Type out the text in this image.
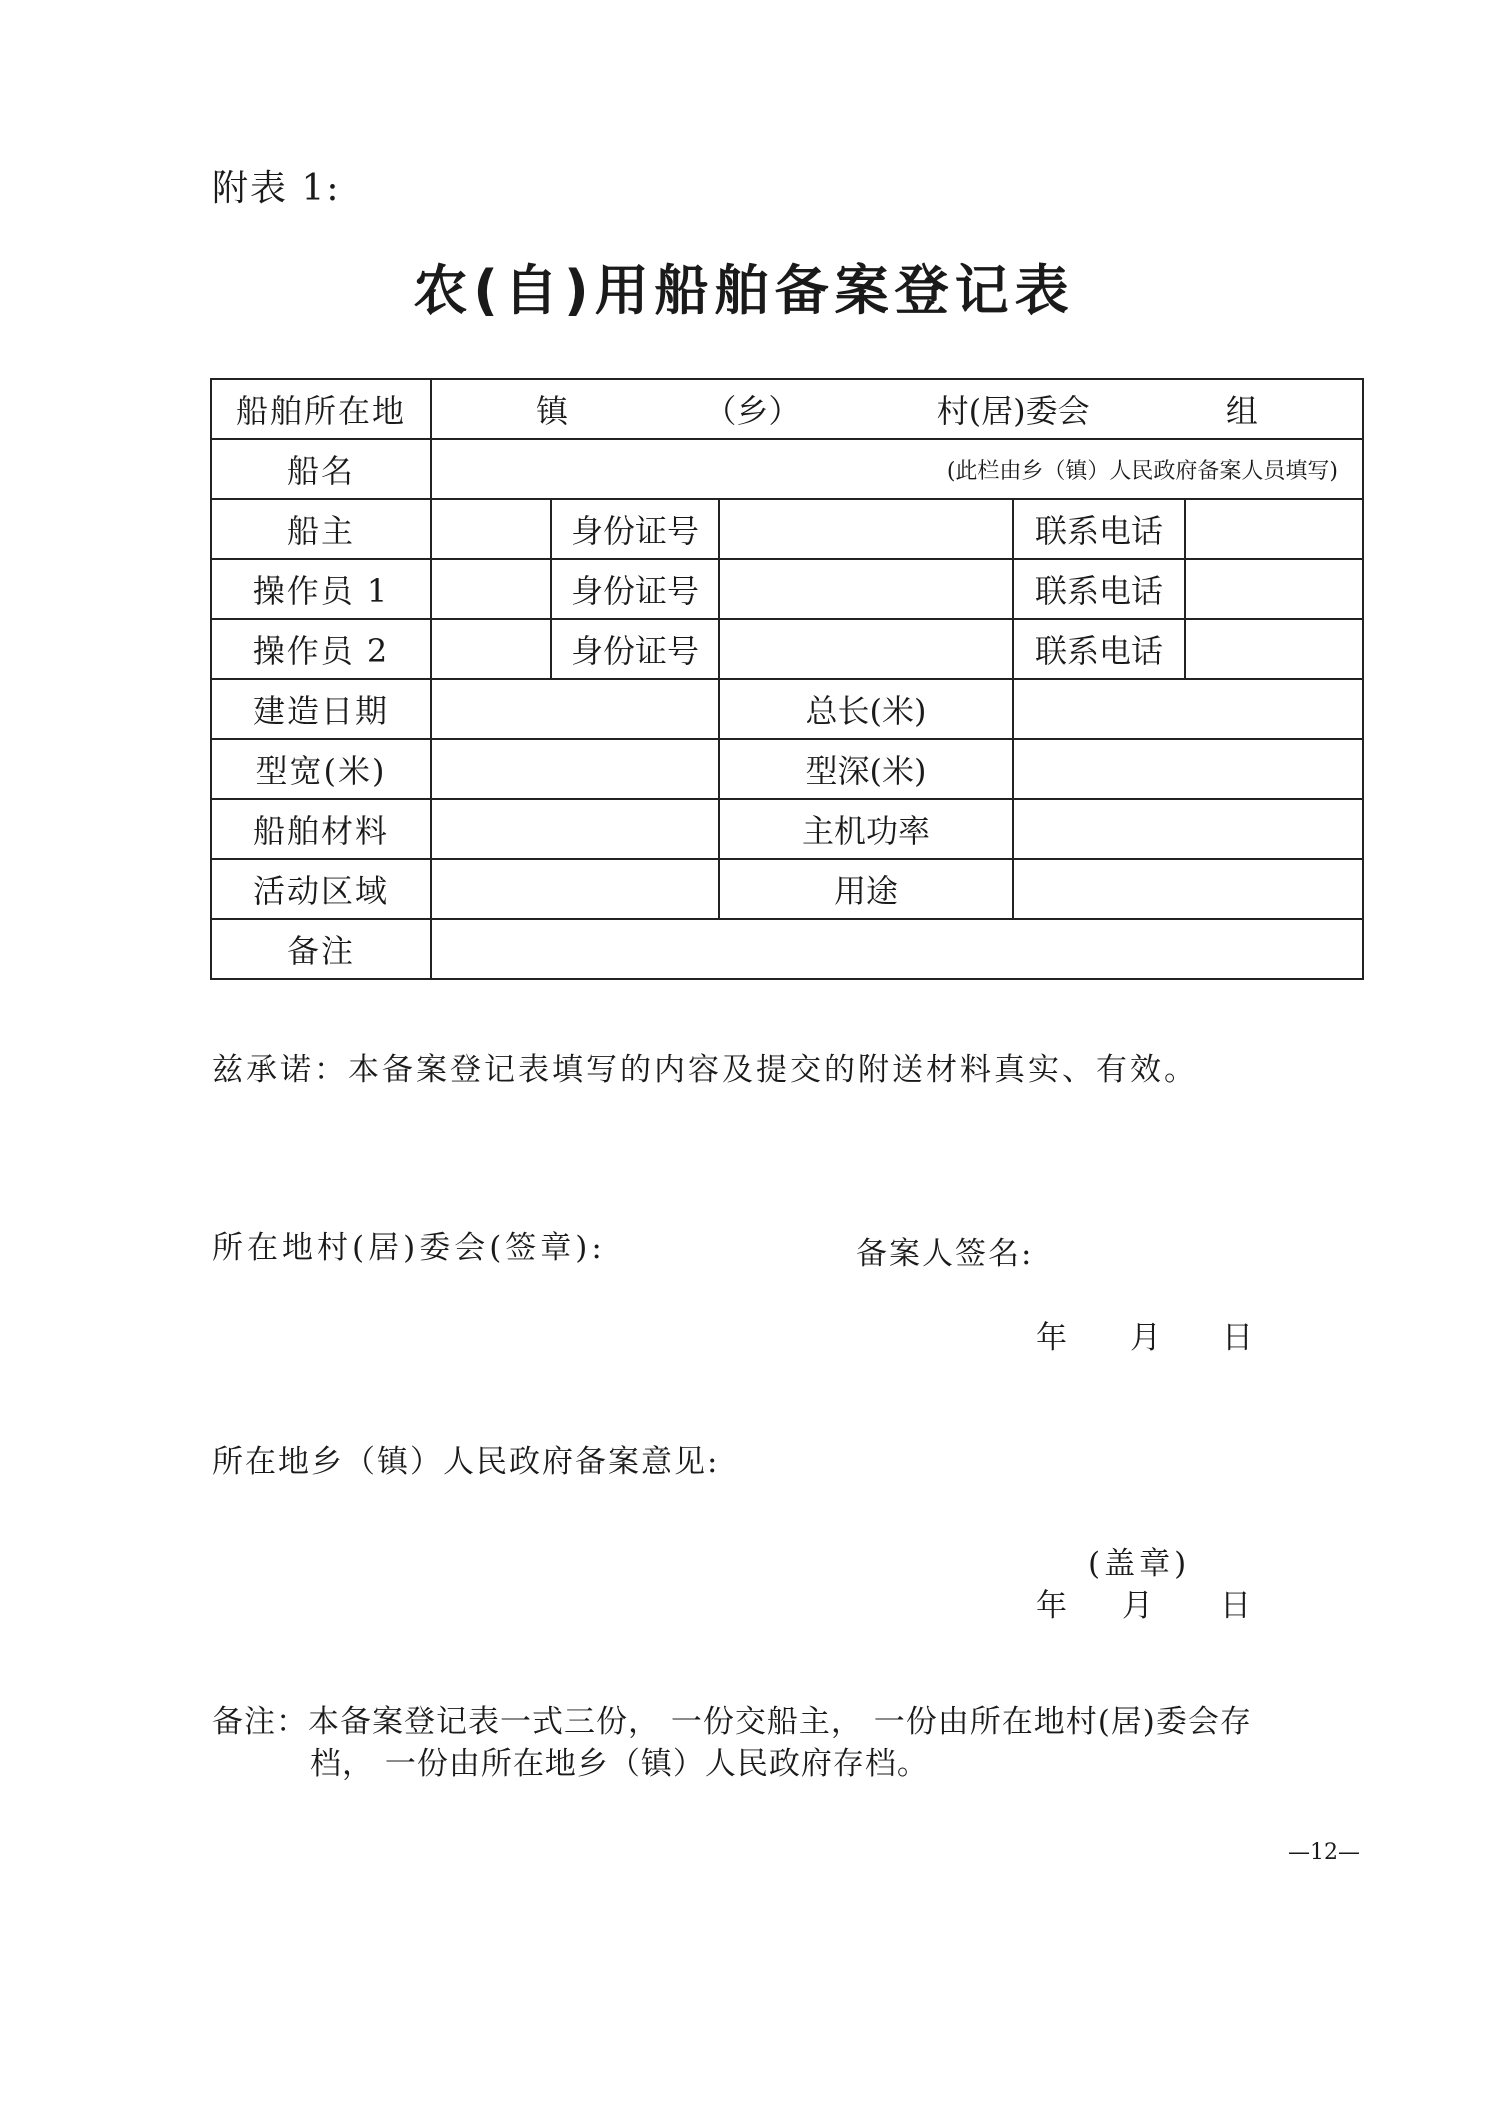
附表 1:
农(自)用船舶备案登记表
船舶所在地	镇 （乡） 村(居)委会 组				

船名	(此栏由乡（镇）人民政府备案人员填写)				
船主		身份证号		联系电话	
操作员 1		身份证号		联系电话	
操作员 2		身份证号		联系电话	
建造日期			总长(米)		
型宽(米)			型深(米)		
船舶材料			主机功率		
活动区域			用途		
备注					
兹承诺：本备案登记表填写的内容及提交的附送材料真实、有效。
所在地村(居)委会(签章):	备案人签名:
年 月 日
所在地乡（镇）人民政府备案意见:
(盖章)
年 月 日
备注：本备案登记表一式三份， 一份交船主， 一份由所在地村(居)委会存
档， 一份由所在地乡（镇）人民政府存档。
—12—
